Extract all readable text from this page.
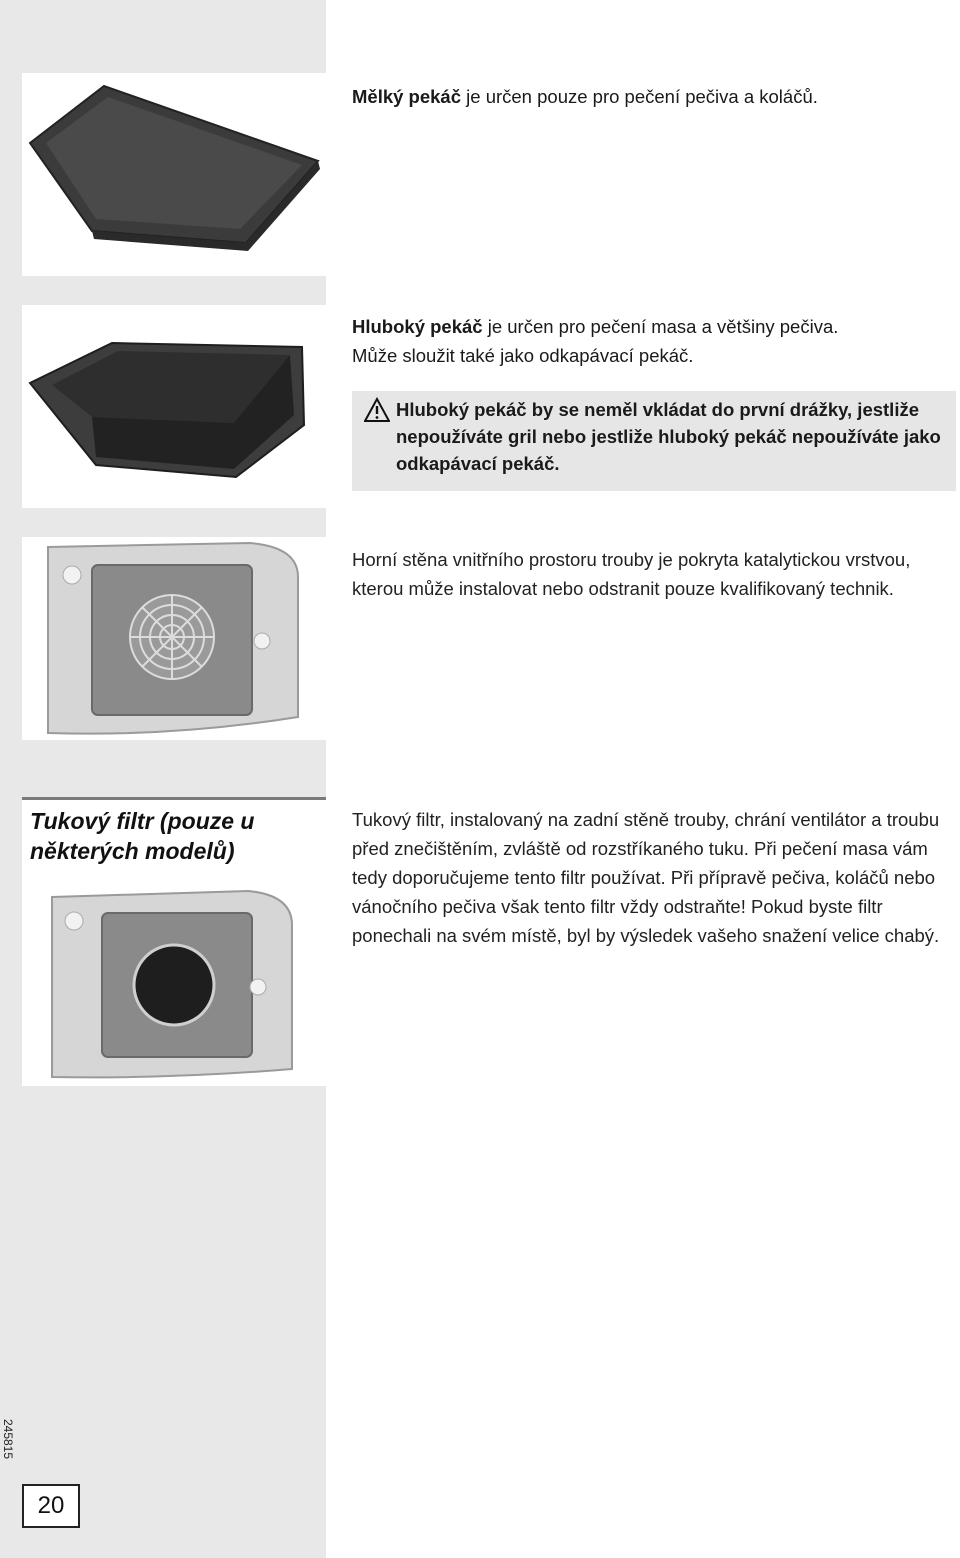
Mělký pekáč je určen pouze pro pečení pečiva a koláčů.
Hluboký pekáč je určen pro pečení masa a většiny pečiva.
Může sloužit také jako odkapávací pekáč.
Hluboký pekáč by se neměl vkládat do první drážky, jestliže nepoužíváte gril nebo jestliže hluboký pekáč nepoužíváte jako odkapávací pekáč.
Horní stěna vnitřního prostoru trouby je pokryta katalytickou vrstvou, kterou může instalovat nebo odstranit pouze kvalifikovaný technik.
Tukový filtr (pouze u některých modelů)
Tukový filtr, instalovaný na zadní stěně trouby, chrání ventilátor a troubu před znečištěním, zvláště od rozstříkaného tuku. Při pečení masa vám tedy doporučujeme tento filtr používat. Při přípravě pečiva, koláčů nebo vánočního pečiva však tento filtr vždy odstraňte! Pokud byste filtr ponechali na svém místě, byl by výsledek vašeho snažení velice chabý.
245815
20
